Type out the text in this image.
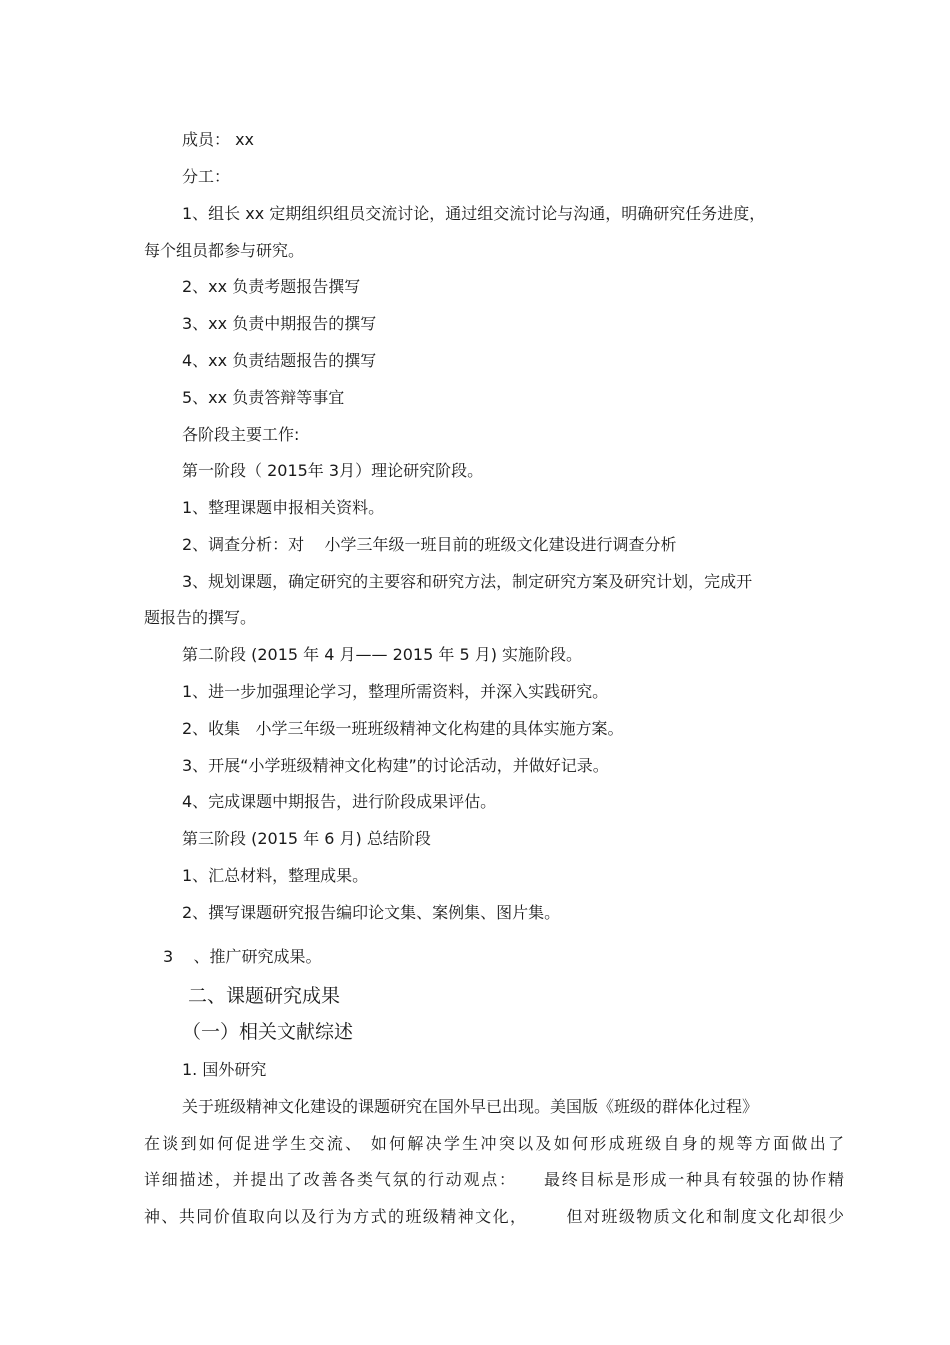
成员： xx
分工：
1、组长 xx 定期组织组员交流讨论，通过组交流讨论与沟通，明确研究任务进度，
每个组员都参与研究。
2、xx 负责考题报告撰写
3、xx 负责中期报告的撰写
4、xx 负责结题报告的撰写
5、xx 负责答辩等事宜
各阶段主要工作:
第一阶段（ 2015年 3月）理论研究阶段。
1、整理课题申报相关资料。
2、调查分析：对    小学三年级一班目前的班级文化建设进行调查分析
3、规划课题，确定研究的主要容和研究方法，制定研究方案及研究计划，完成开
题报告的撰写。
第二阶段 (2015 年 4 月—— 2015 年 5 月) 实施阶段。
1、进一步加强理论学习，整理所需资料，并深入实践研究。
2、收集   小学三年级一班班级精神文化构建的具体实施方案。
3、开展“小学班级精神文化构建”的讨论活动，并做好记录。
4、完成课题中期报告，进行阶段成果评估。
第三阶段 (2015 年 6 月) 总结阶段
1、汇总材料，整理成果。
2、撰写课题研究报告编印论文集、案例集、图片集。
3    、推广研究成果。
二、课题研究成果
（一）相关文献综述
1. 国外研究
关于班级精神文化建设的课题研究在国外早已出现。美国版《班级的群体化过程》
在谈到如何促进学生交流、 如何解决学生冲突以及如何形成班级自身的规等方面做出了
详细描述，并提出了改善各类气氛的行动观点：    最终目标是形成一种具有较强的协作精
神、共同价值取向以及行为方式的班级精神文化，      但对班级物质文化和制度文化却很少
